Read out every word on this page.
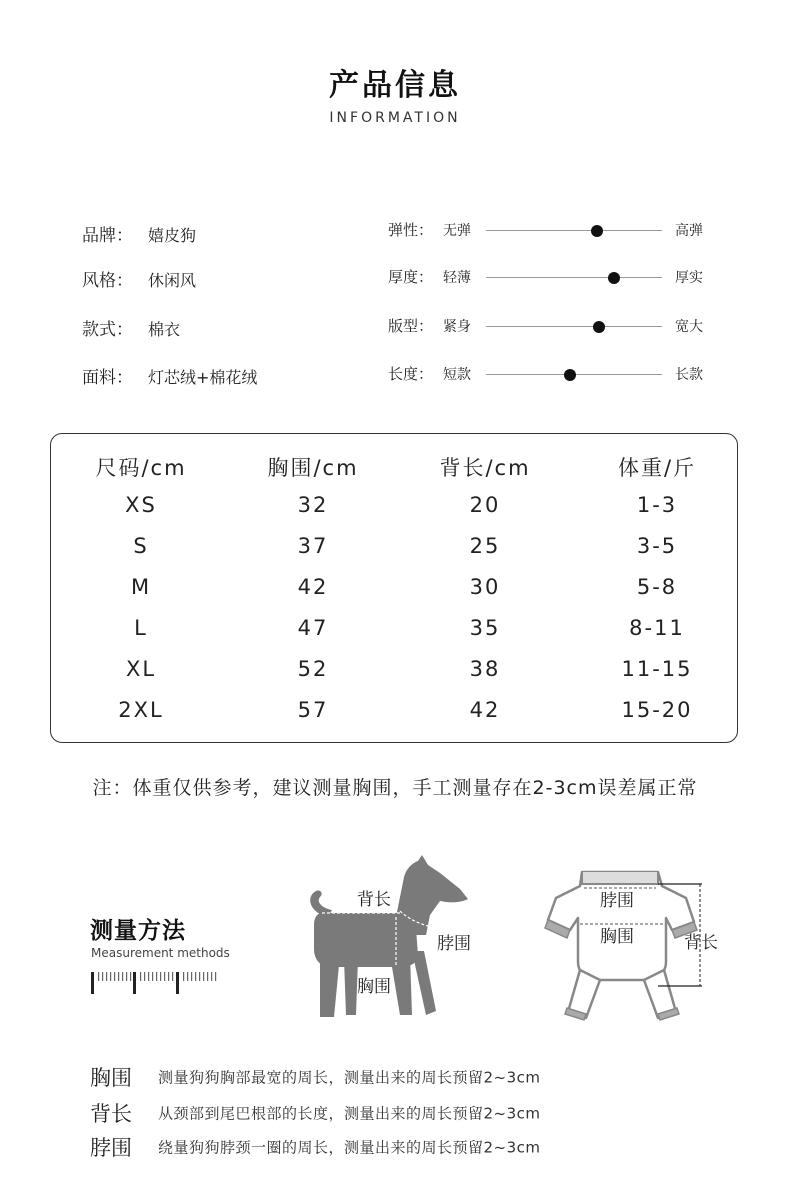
产品信息
INFORMATION
品牌： 嬉皮狗
风格： 休闲风
款式： 棉衣
面料： 灯芯绒+棉花绒
弹性： 无弹	高弹
厚度： 轻薄	厚实
版型： 紧身	宽大
长度： 短款	长款
尺码/cm	胸围/cm	背长/cm	体重/斤
XS	32	20	1-3
S	37	25	3-5
M	42	30	5-8
L	47	35	8-11
XL	52	38	11-15
2XL	57	42	15-20
注：体重仅供参考，建议测量胸围，手工测量存在2-3cm误差属正常
测量方法
Measurement methods
背长
脖围
胸围
脖围
胸围	背长
胸围 测量狗狗胸部最宽的周长，测量出来的周长预留2~3cm
背长 从颈部到尾巴根部的长度，测量出来的周长预留2~3cm
脖围 绕量狗狗脖颈一圈的周长，测量出来的周长预留2~3cm
